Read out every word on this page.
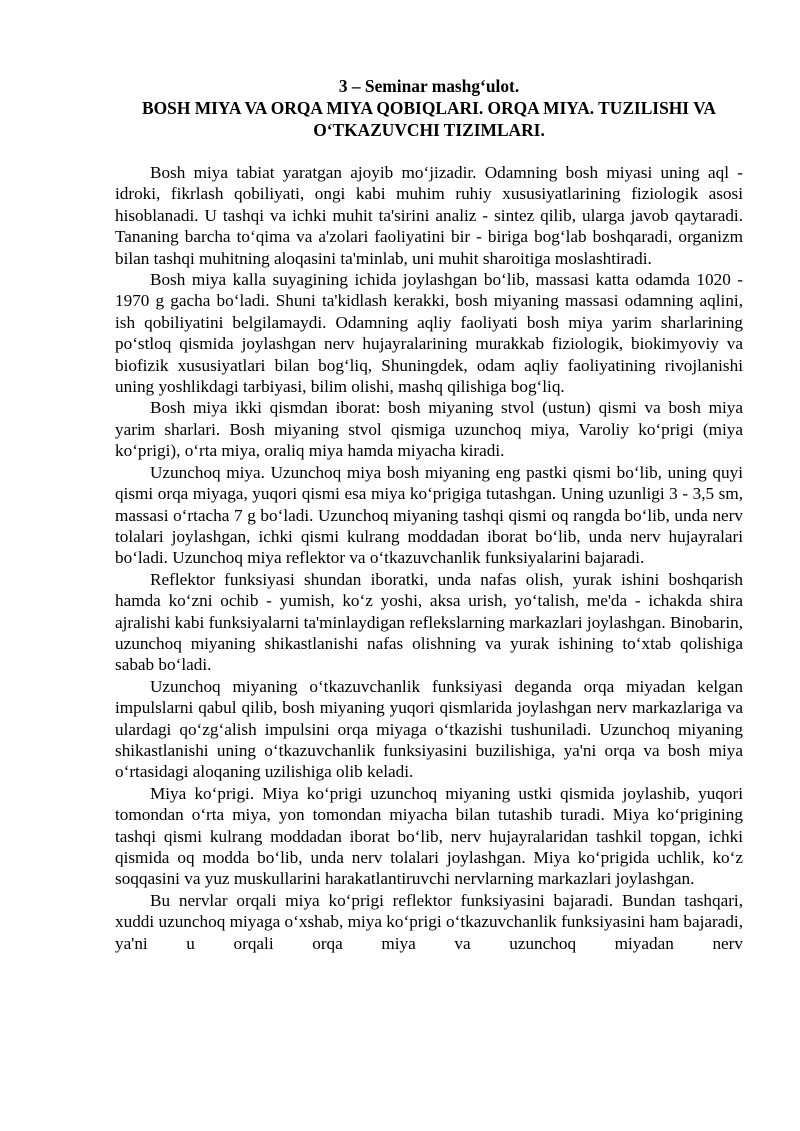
3 – Seminar mashg‘ulot.
BOSH MIYA VA ORQA MIYA QOBIQLARI. ORQA MIYA. TUZILISHI VA O‘TKAZUVCHI TIZIMLARI.

Bosh miya tabiat yaratgan ajoyib mo‘jizadir. Odamning bosh miyasi uning aql - idroki, fikrlash qobiliyati, ongi kabi muhim ruhiy xususiyatlarining fiziologik asosi hisoblanadi. U tashqi va ichki muhit ta'sirini analiz - sintez qilib, ularga javob qaytaradi. Tananing barcha to‘qima va a'zolari faoliyatini bir - biriga bog‘lab boshqaradi, organizm bilan tashqi muhitning aloqasini ta'minlab, uni muhit sharoitiga moslashtiradi.

Bosh miya kalla suyagining ichida joylashgan bo‘lib, massasi katta odamda 1020 - 1970 g gacha bo‘ladi. Shuni ta'kidlash kerakki, bosh miyaning massasi odamning aqlini, ish qobiliyatini belgilamaydi. Odamning aqliy faoliyati bosh miya yarim sharlarining po‘stloq qismida joylashgan nerv hujayralarining murakkab fiziologik, biokimyoviy va biofizik xususiyatlari bilan bog‘liq, Shuningdek, odam aqliy faoliyatining rivojlanishi uning yoshlikdagi tarbiyasi, bilim olishi, mashq qilishiga bog‘liq.

Bosh miya ikki qismdan iborat: bosh miyaning stvol (ustun) qismi va bosh miya yarim sharlari. Bosh miyaning stvol qismiga uzunchoq miya, Varoliy ko‘prigi (miya ko‘prigi), o‘rta miya, oraliq miya hamda miyacha kiradi.

Uzunchoq miya. Uzunchoq miya bosh miyaning eng pastki qismi bo‘lib, uning quyi qismi orqa miyaga, yuqori qismi esa miya ko‘prigiga tutashgan. Uning uzunligi 3 - 3,5 sm, massasi o‘rtacha 7 g bo‘ladi. Uzunchoq miyaning tashqi qismi oq rangda bo‘lib, unda nerv tolalari joylashgan, ichki qismi kulrang moddadan iborat bo‘lib, unda nerv hujayralari bo‘ladi. Uzunchoq miya reflektor va o‘tkazuvchanlik funksiyalarini bajaradi.

Reflektor funksiyasi shundan iboratki, unda nafas olish, yurak ishini boshqarish hamda ko‘zni ochib - yumish, ko‘z yoshi, aksa urish, yo‘talish, me'da - ichakda shira ajralishi kabi funksiyalarni ta'minlaydigan reflekslarning markazlari joylashgan. Binobarin, uzunchoq miyaning shikastlanishi nafas olishning va yurak ishining to‘xtab qolishiga sabab bo‘ladi.

Uzunchoq miyaning o‘tkazuvchanlik funksiyasi deganda orqa miyadan kelgan impulslarni qabul qilib, bosh miyaning yuqori qismlarida joylashgan nerv markazlariga va ulardagi qo‘zg‘alish impulsini orqa miyaga o‘tkazishi tushuniladi. Uzunchoq miyaning shikastlanishi uning o‘tkazuvchanlik funksiyasini buzilishiga, ya'ni orqa va bosh miya o‘rtasidagi aloqaning uzilishiga olib keladi.

Miya ko‘prigi. Miya ko‘prigi uzunchoq miyaning ustki qismida joylashib, yuqori tomondan o‘rta miya, yon tomondan miyacha bilan tutashib turadi. Miya ko‘prigining tashqi qismi kulrang moddadan iborat bo‘lib, nerv hujayralaridan tashkil topgan, ichki qismida oq modda bo‘lib, unda nerv tolalari joylashgan. Miya ko‘prigida uchlik, ko‘z soqqasini va yuz muskullarini harakatlantiruvchi nervlarning markazlari joylashgan.

Bu nervlar orqali miya ko‘prigi reflektor funksiyasini bajaradi. Bundan tashqari, xuddi uzunchoq miyaga o‘xshab, miya ko‘prigi o‘tkazuvchanlik funksiyasini ham bajaradi, ya'ni u orqali orqa miya va uzunchoq miyadan nerv
